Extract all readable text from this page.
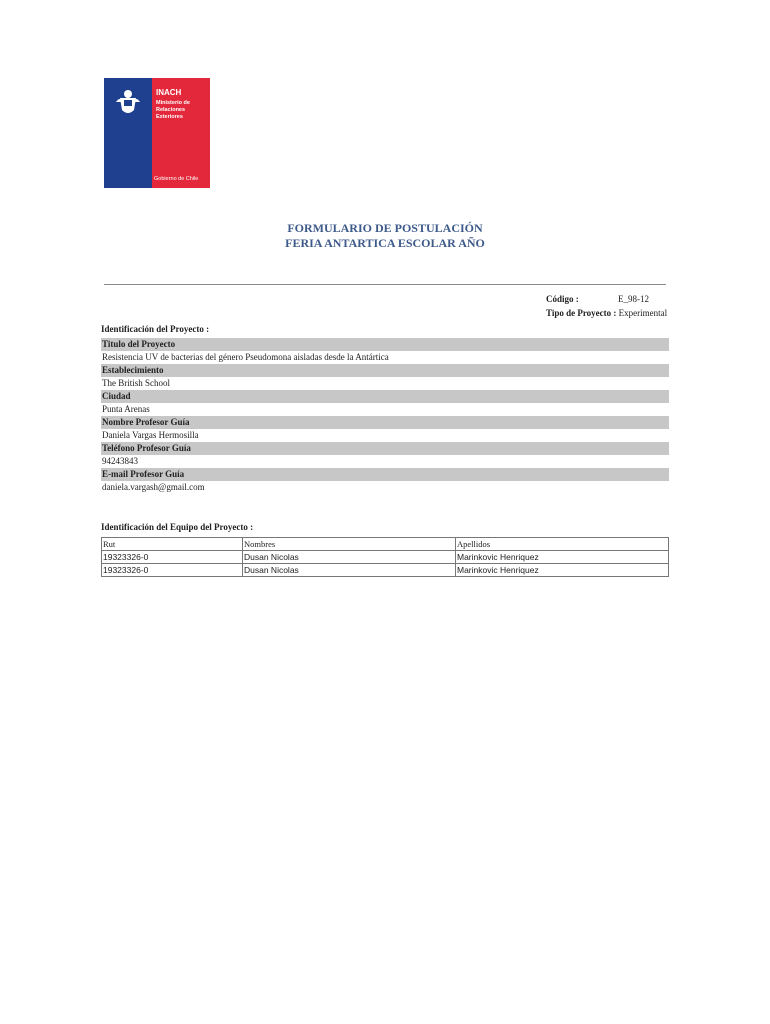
INACH
Ministerio de Relaciones Exteriores
Gobierno de Chile
FORMULARIO DE POSTULACIÓN
FERIA ANTARTICA ESCOLAR AÑO
Código :	E_98-12
Tipo de Proyecto : Experimental
Identificación del Proyecto :
Titulo del Proyecto
Resistencia UV de bacterias del género Pseudomona aisladas desde la Antártica
Establecimiento
The British School
Ciudad
Punta Arenas
Nombre Profesor Guía
Daniela Vargas Hermosilla
Teléfono Profesor Guía
94243843
E-mail Profesor Guía
daniela.vargash@gmail.com
Identificación del Equipo del Proyecto :
Rut	Nombres	Apellidos
19323326-0	Dusan Nicolas	Marinkovic Henriquez
19323326-0	Dusan Nicolas	Marinkovic Henriquez
